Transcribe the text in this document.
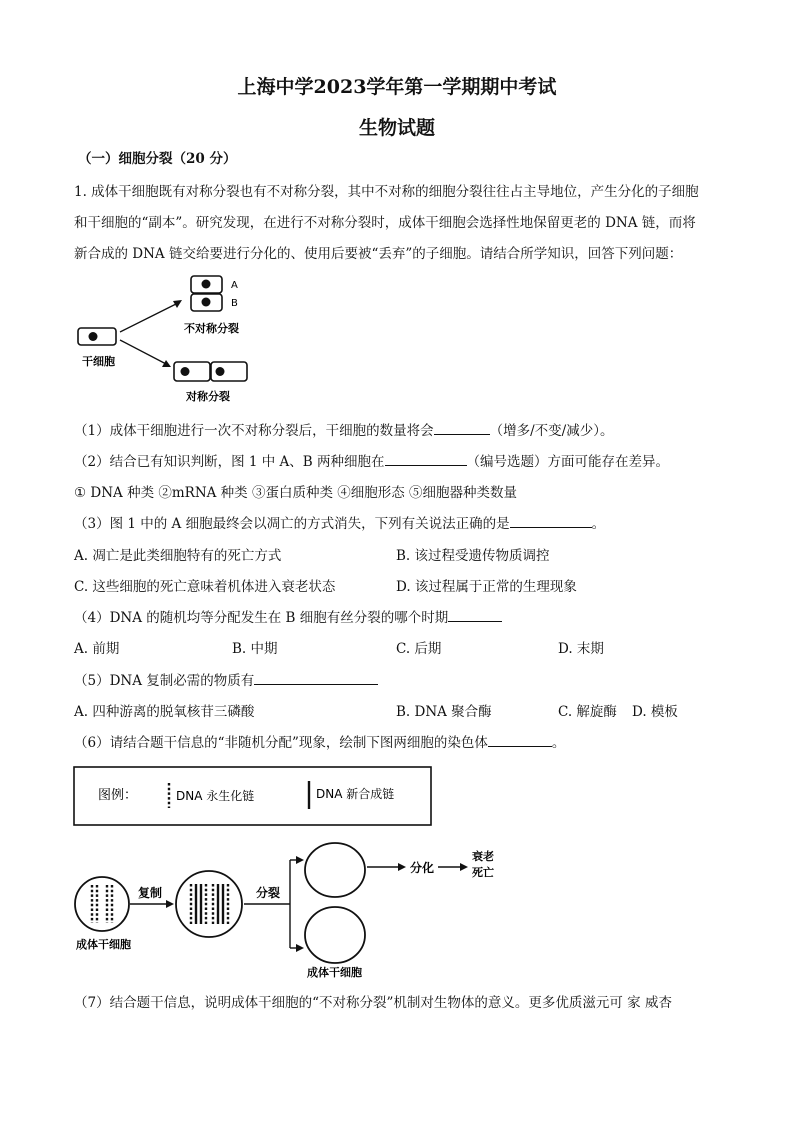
上海中学2023学年第一学期期中考试
生物试题
（一）细胞分裂（20 分）
1. 成体干细胞既有对称分裂也有不对称分裂，其中不对称的细胞分裂往往占主导地位，产生分化的子细胞
和干细胞的“副本”。研究发现，在进行不对称分裂时，成体干细胞会选择性地保留更老的 DNA 链，而将
新合成的 DNA 链交给要进行分化的、使用后要被“丢弃”的子细胞。请结合所学知识，回答下列问题：
A
B
不对称分裂
干细胞
对称分裂
（1）成体干细胞进行一次不对称分裂后，干细胞的数量将会	（增多/不变/减少）。
（2）结合已有知识判断，图 1 中 A、B 两种细胞在	（编号选题）方面可能存在差异。
① DNA 种类 ②mRNA 种类 ③蛋白质种类 ④细胞形态 ⑤细胞器种类数量
（3）图 1 中的 A 细胞最终会以凋亡的方式消失，下列有关说法正确的是	。
A. 凋亡是此类细胞特有的死亡方式	B. 该过程受遗传物质调控
C. 这些细胞的死亡意味着机体进入衰老状态	D. 该过程属于正常的生理现象
（4）DNA 的随机均等分配发生在 B 细胞有丝分裂的哪个时期
A. 前期	B. 中期	C. 后期	D. 末期
（5）DNA 复制必需的物质有
A. 四种游离的脱氧核苷三磷酸	B. DNA 聚合酶	C. 解旋酶 D. 模板
（6）请结合题干信息的“非随机分配”现象，绘制下图两细胞的染色体	。
图例：	DNA 永生化链	DNA 新合成链
成体干细胞
复制	分裂
成体干细胞
分化
衰老
死亡
（7）结合题干信息，说明成体干细胞的“不对称分裂”机制对生物体的意义。更多优质滋元可 家 威杏
